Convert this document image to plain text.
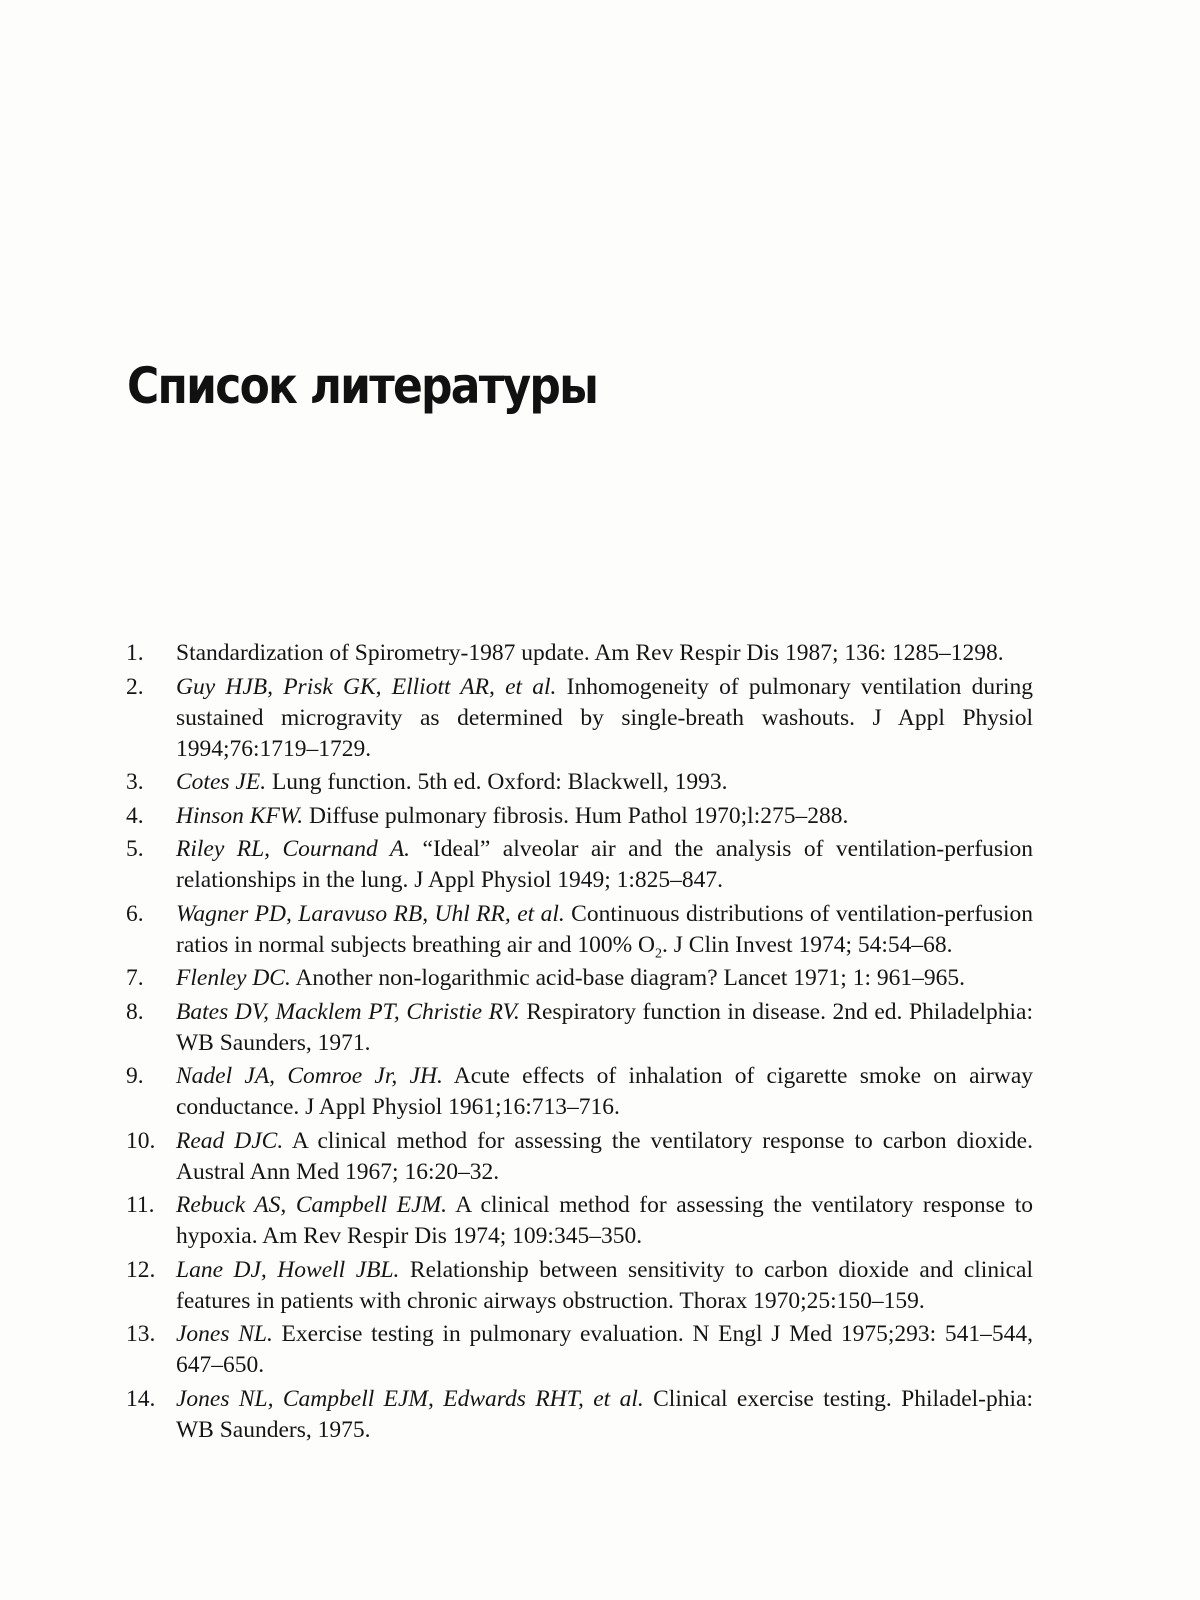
Список литературы
1.	Standardization of Spirometry-1987 update. Am Rev Respir Dis 1987; 136: 1285–1298.
2.	Guy HJB, Prisk GK, Elliott AR, et al. Inhomogeneity of pulmonary ventilation during sustained microgravity as determined by single-breath washouts. J Appl Physiol 1994;76:1719–1729.
3.	Cotes JE. Lung function. 5th ed. Oxford: Blackwell, 1993.
4.	Hinson KFW. Diffuse pulmonary fibrosis. Hum Pathol 1970;l:275–288.
5.	Riley RL, Cournand A. “Ideal” alveolar air and the analysis of ventilation-perfusion relationships in the lung. J Appl Physiol 1949; 1:825–847.
6.	Wagner PD, Laravuso RB, Uhl RR, et al. Continuous distributions of ventilation-perfusion ratios in normal subjects breathing air and 100% $O_2$. J Clin Invest 1974; 54:54–68.
7.	Flenley DC. Another non-logarithmic acid-base diagram? Lancet 1971; 1: 961–965.
8.	Bates DV, Macklem PT, Christie RV. Respiratory function in disease. 2nd ed. Philadelphia: WB Saunders, 1971.
9.	Nadel JA, Comroe Jr, JH. Acute effects of inhalation of cigarette smoke on airway conductance. J Appl Physiol 1961;16:713–716.
10. Read DJC. A clinical method for assessing the ventilatory response to carbon dioxide. Austral Ann Med 1967; 16:20–32.
11. Rebuck AS, Campbell EJM. A clinical method for assessing the ventilatory response to hypoxia. Am Rev Respir Dis 1974; 109:345–350.
12. Lane DJ, Howell JBL. Relationship between sensitivity to carbon dioxide and clinical features in patients with chronic airways obstruction. Thorax 1970;25:150–159.
13. Jones NL. Exercise testing in pulmonary evaluation. N Engl J Med 1975;293: 541–544, 647–650.
14. Jones NL, Campbell EJM, Edwards RHT, et al. Clinical exercise testing. Philadel-phia: WB Saunders, 1975.
